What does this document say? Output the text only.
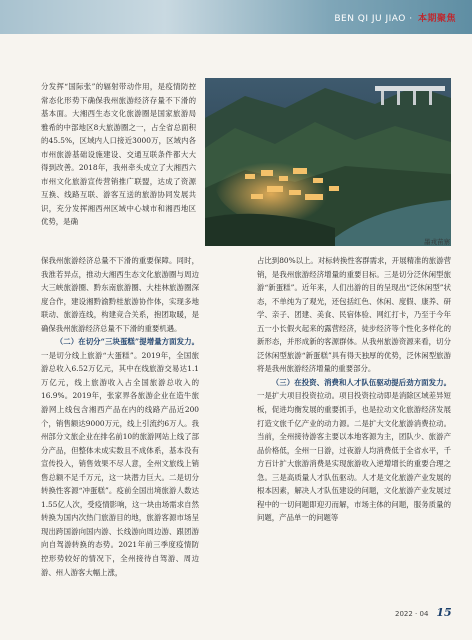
BEN QI JU JIAO · 本期聚焦

分发挥“国际张”的辐射带动作用，是疫情防控常态化形势下确保我州旅游经济存量不下滑的基本面。大湘西生态文化旅游圈是国家旅游局雅希的中部地区8大旅游圈之一，占全省总面积的45.5%，区域内人口接近3000万，区域内各市州旅游基础设施建设、交通互联条件都大大得到改善。2018年，我州牵头成立了大湘西六市州文化旅游宣传营销推广联盟，达成了资源互换、线路互联、游客互送的旅游协同发展共识，充分发挥湘西州区域中心城市和湘西地区优势，是确

墨戎苗寨

保我州旅游经济总量不下滑的重要保障。同时，我淮若异点，推动大湘西生态文化旅游圈与周边大三峡旅游圈、黔东南旅游圈、大桂林旅游圈深度合作，建设湘黔渝黔桂旅游协作体，实现多地联动、旅游连线，构建竞合关系，抱团取暖，是确保我州旅游经济总量不下滑的重要机遇。

（二）在切分“三块蛋糕”提增量方面发力。一是切分线上旅游“大蛋糕”。2019年，全国旅游总收入6.52万亿元，其中在线旅游交易达1.1万亿元，线上旅游收入占全国旅游总收入的16.9%。2019年，张家界各旅游企业在造牛旅游网上线包含湘西产品在内的线路产品近200个，销售额达9000万元，线上引流约6万人。我州部分文旅企业在排名前10的旅游网站上线了部分产品，但整体未成实数且不成体系，基本没有宣传投入，销售效果不尽人意，全州文旅线上销售总额不足千万元，这一块潜力巨大。二是切分转换性客源“冲蛋糕”。疫前全国出境旅游人数达1.55亿人次，受疫情影响，这一块由场需求自然转换为国内次热门旅游目的地，旅游客源市场呈现出跨国游向国内游、长线游向周边游、跟团游向自驾游转换的态势。2021年前三季度疫情防控形势较好的情况下，全州接待自驾游、周边游、州人游客大幅上涨，

占比到80%以上。对标转换性客群需求，开展精准的旅游营销，是我州旅游经济增量的重要目标。三是切分泛休闲型旅游“新蛋糕”。近年来，人们出游的目的呈现出“泛休闲型”状态，不单纯为了观光，还包括红色、休闲、度假、康养、研学、亲子、团建、美食、民宿体验、网红打卡，乃至于今年五一小长假火起来的露营经济，徒步经济等个性化多样化的新形态，并形成新的客源群体。从我州旅游资源来看，切分泛休闲型旅游“新蛋糕”具有得天独厚的优势，泛休闲型旅游将是我州旅游经济增量的重要部分。

（三）在投资、消费和人才队伍驱动提后劲方面发力。一是扩大项目投资拉动。项目投资拉动即是消除区域差异短板，促进均衡发展的重要抓手，也是拉动文化旅游经济发展打造文旅千亿产业的动力源。二是扩大文化旅游消费拉动。当前，全州接待游客主要以本地客源为主，团队少、旅游产品价格低，全州一日游，过夜游人均消费低于全省水平，千方百计扩大旅游消费是实现旅游收入逆增增长的重要合理之急。三是高质量人才队伍驱动。人才是文化旅游产业发展的根本因素，解决人才队伍建设的问题，文化旅游产业发展过程中的一切问题即迎刃而解，市场主体的问题，服务质量的问题，产品单一的问题等

2022 · 04 15
